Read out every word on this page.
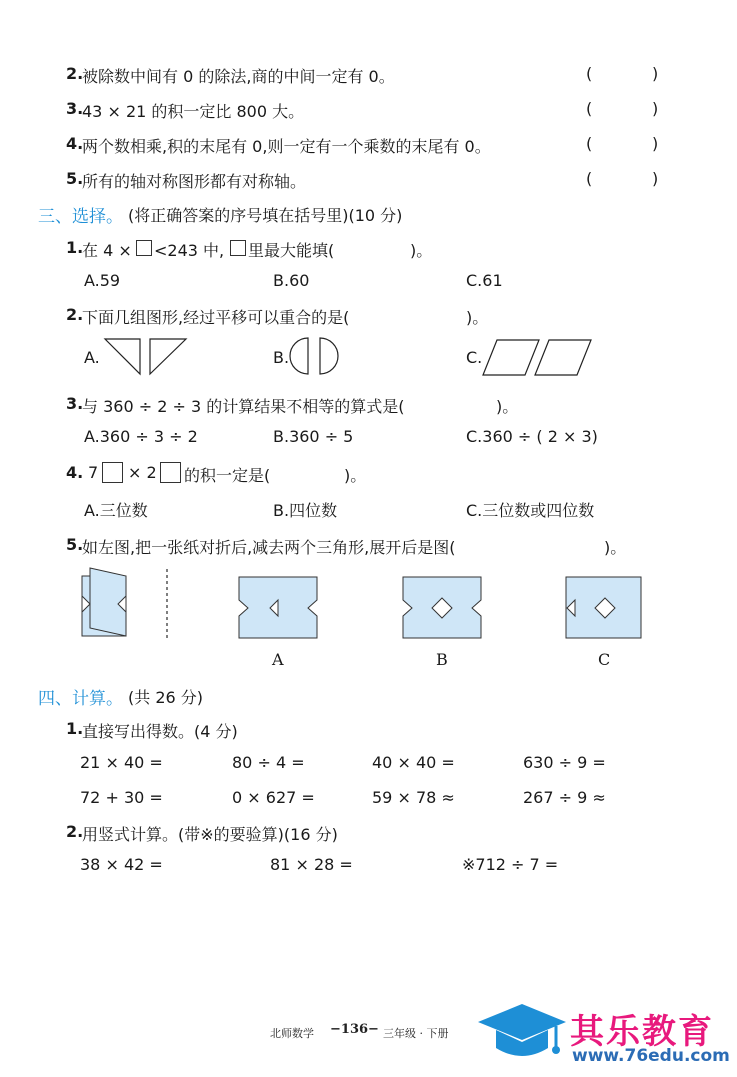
2.
被除数中间有 0 的除法,商的中间一定有 0。	(	)
3.
43 × 21 的积一定比 800 大。	(	)
4.
两个数相乘,积的末尾有 0,则一定有一个乘数的末尾有 0。	(	)
5.
所有的轴对称图形都有对称轴。	(	)
三、选择。 (将正确答案的序号填在括号里)(10 分)
1.
在 4 × <243 中, 里最大能填(	)。
A.59	B.60	C.61
2.
下面几组图形,经过平移可以重合的是(	)。
A.	B.	C.
3.
与 360 ÷ 2 ÷ 3 的计算结果不相等的算式是(	)。
A.360 ÷ 3 ÷ 2	B.360 ÷ 5	C.360 ÷ ( 2 × 3)
4. 7 × 2 的积一定是(	)。
A.三位数	B.四位数	C.三位数或四位数
5.
如左图,把一张纸对折后,减去两个三角形,展开后是图(	)。
A	B	C
四、计算。 (共 26 分)
1.
直接写出得数。(4 分)
21 × 40 =	80 ÷ 4 =	40 × 40 =	630 ÷ 9 =
72 + 30 =	0 × 627 =	59 × 78 ≈	267 ÷ 9 ≈
2.
用竖式计算。(带※的要验算)(16 分)
38 × 42 =	81 × 28 =	※712 ÷ 7 =
北师数学 −136− 三年级 · 下册	其乐教育
www.76edu.com
